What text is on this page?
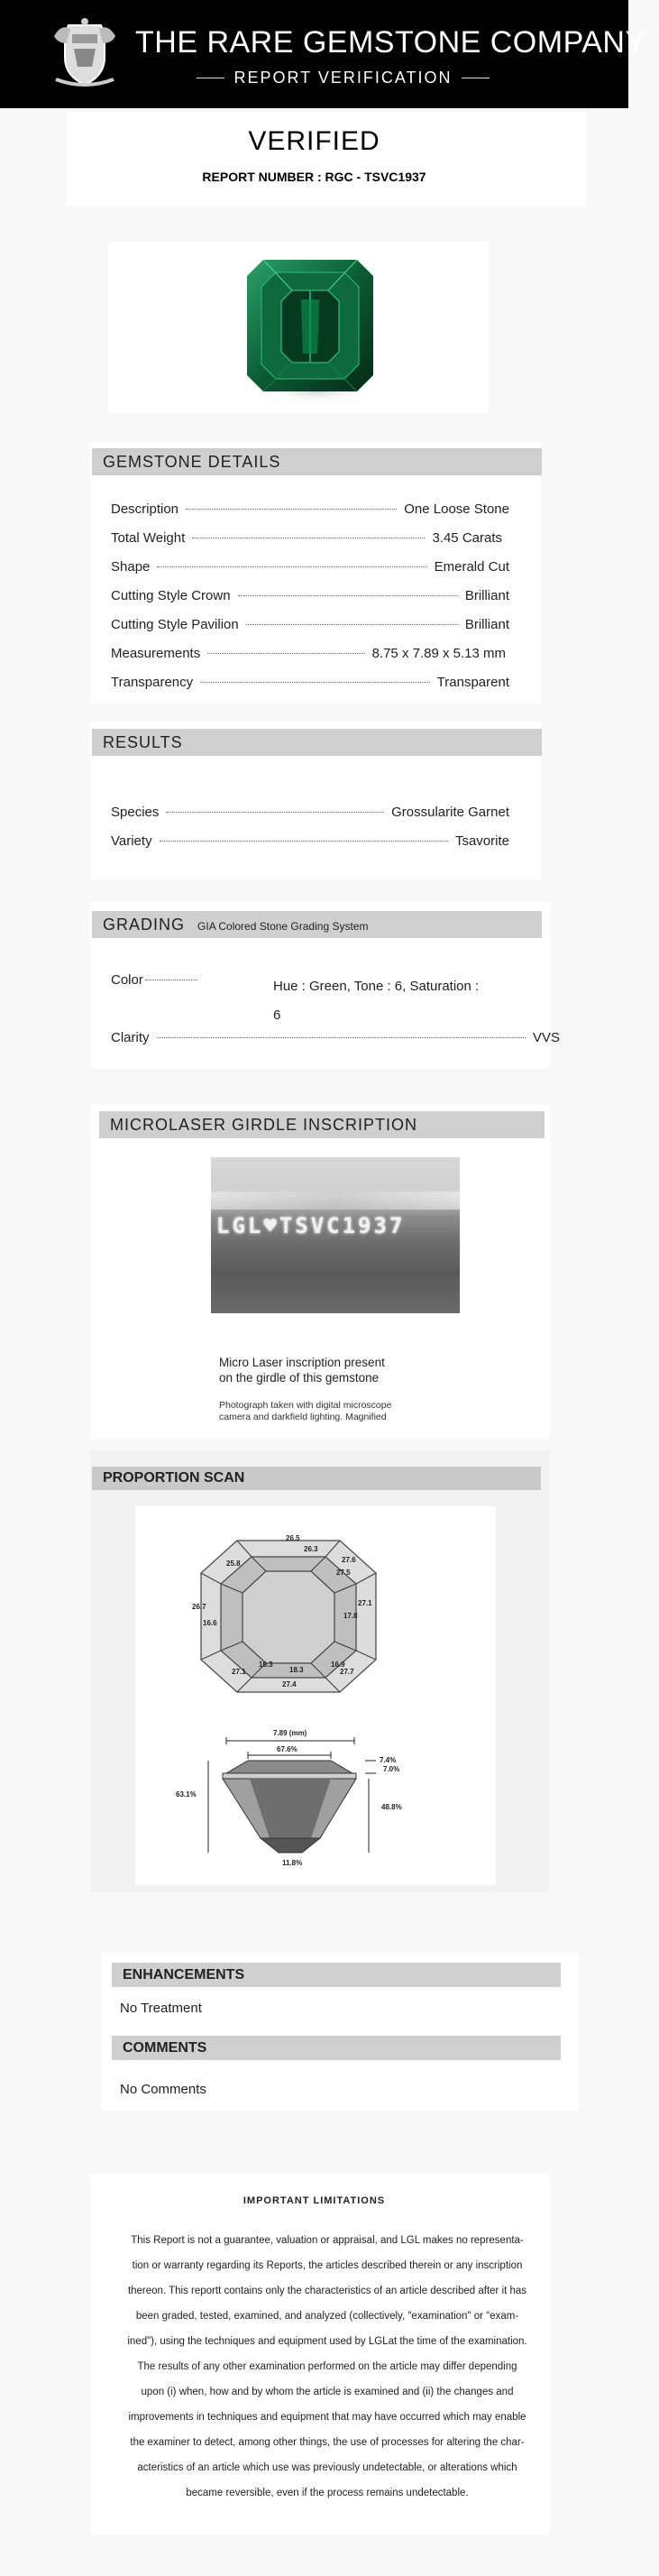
THE RARE GEMSTONE COMPANY ™
REPORT VERIFICATION
VERIFIED
REPORT NUMBER : RGC - TSVC1937
GEMSTONE DETAILS
Description	One Loose Stone
Total Weight	3.45 Carats
Shape	Emerald Cut
Cutting Style Crown	Brilliant
Cutting Style Pavilion	Brilliant
Measurements	8.75 x 7.89 x 5.13 mm
Transparency	Transparent
RESULTS
Species	Grossularite Garnet
Variety	Tsavorite
GRADING GIA Colored Stone Grading System
Color	Hue : Green, Tone : 6, Saturation :
6
Clarity	VVS
MICROLASER GIRDLE INSCRIPTION
LGL♥TSVC1937
Micro Laser inscription present
on the girdle of this gemstone
Photograph taken with digital microscope
camera and darkfield lighting. Magnified
PROPORTION SCAN
26.5
26.3
27.6
27.5
25.8
26.7	27.1
17.8
16.6
16.3
18.3
16.9
27.1	27.7
27.4
7.89 (mm)
67.6%
7.4%
7.0%
63.1%
48.8%
11.8%
ENHANCEMENTS
No Treatment
COMMENTS
No Comments
IMPORTANT LIMITATIONS
This Report is not a guarantee, valuation or appraisal, and LGL makes no representa-
tion or warranty regarding its Reports, the articles described therein or any inscription
thereon. This reportt contains only the characteristics of an article described after it has
been graded, tested, examined, and analyzed (collectively, "examination" or "exam-
ined"), using the techniques and equipment used by LGLat the time of the examination.
The results of any other examination performed on the article may differ depending
upon (i) when, how and by whom the article is examined and (ii) the changes and
improvements in techniques and equipment that may have occurred which may enable
the examiner to detect, among other things, the use of processes for altering the char-
acteristics of an article which use was previously undetectable, or alterations which
became reversible, even if the process remains undetectable.
